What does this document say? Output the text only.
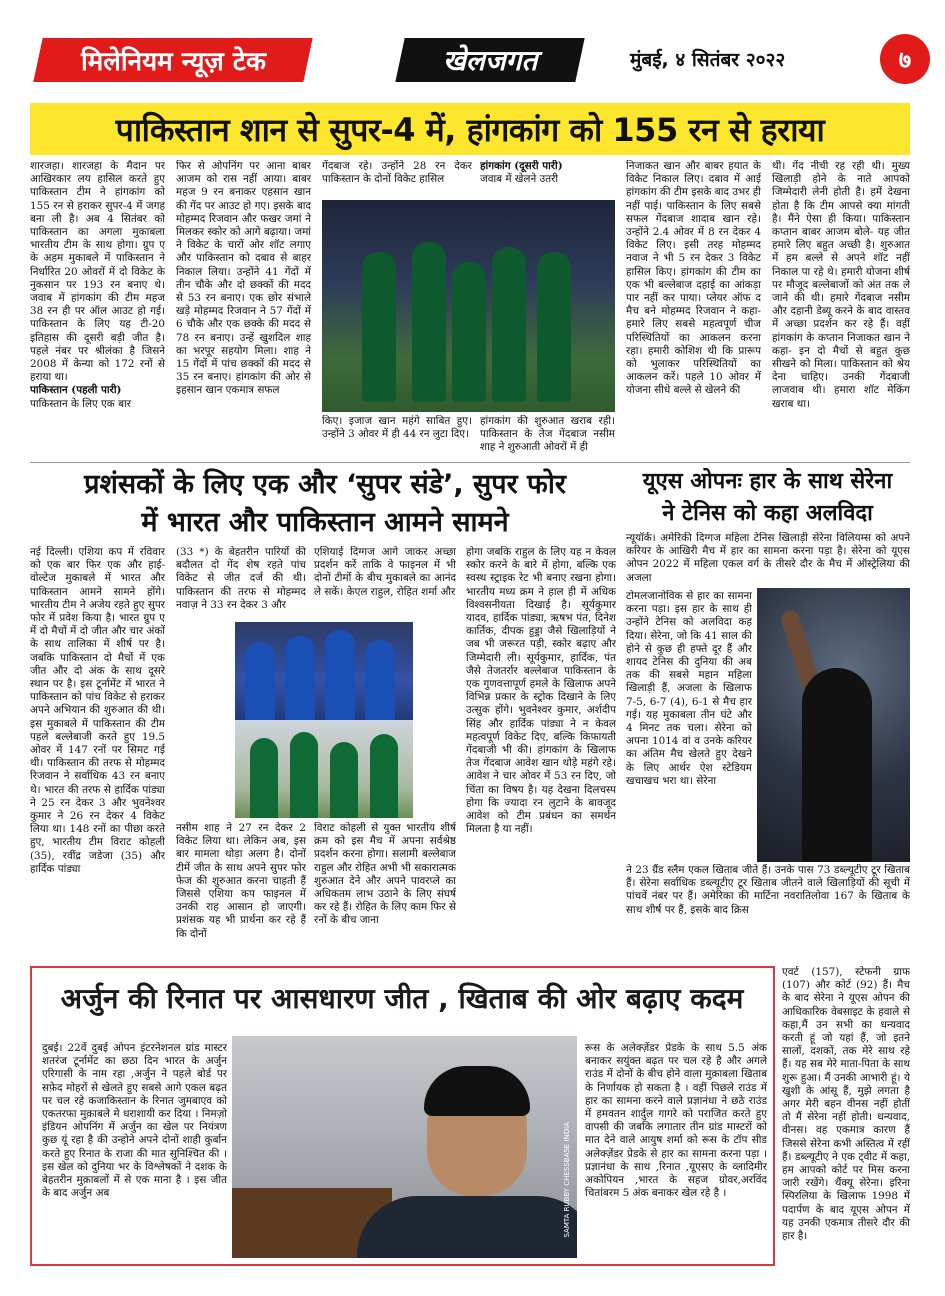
मिलेनियम न्यूज़ टेक	खेलजगत	मुंबई, ४ सितंबर २०२२	७
पाकिस्तान शान से सुपर-4 में, हांगकांग को 155 रन से हराया
शारजहा। शारजहा के मैदान पर आखिरकार लय हासिल करते हुए पाकिस्तान टीम ने हांगकांग को 155 रन से हराकर सुपर-4 में जगह बना ली है। अब 4 सितंबर को पाकिस्तान का अगला मुकाबला भारतीय टीम के साथ होगा। ग्रुप ए के अहम मुकाबले में पाकिस्तान ने निर्धारित 20 ओवरों में दो विकेट के नुकसान पर 193 रन बनाए थे। जवाब में हांगकांग की टीम महज 38 रन ही पर ऑल आउट हो गई। पाकिस्तान के लिए यह टी-20 इतिहास की दूसरी बड़ी जीत है। पहले नंबर पर श्रीलंका है जिसने 2008 में केन्या को 172 रनों से हराया था।
पाकिस्तान (पहली पारी)
पाकिस्तान के लिए एक बार
फिर से ओपनिंग पर आना बाबर आजम को रास नहीं आया। बाबर महज 9 रन बनाकर एहसान खान की गेंद पर आउट हो गए। इसके बाद मोहम्मद रिजवान और फखर जमां ने मिलकर स्कोर को आगे बढ़ाया। जमां ने विकेट के चारों ओर शॉट लगाए और पाकिस्तान को दबाव से बाहर निकाल लिया। उन्होंने 41 गेंदों में तीन चौके और दो छक्कों की मदद से 53 रन बनाए। एक छोर संभाले खड़े मोहम्मद रिजवान ने 57 गेंदों में 6 चौके और एक छक्के की मदद से 78 रन बनाए। उन्हें खुशदिल शाह का भरपूर सहयोग मिला। शाह ने 15 गेंदों में पांच छक्कों की मदद से 35 रन बनाए। हांगकांग की ओर से इहसान खान एकमात्र सफल
गेंदबाज रहे। उन्होंने 28 रन देकर पाकिस्तान के दोनों विकेट हासिल
हांगकांग (दूसरी पारी)
जवाब में खेलने उतरी
किए। इजाज खान महंगे साबित हुए। उन्होंने 3 ओवर में ही 44 रन लुटा दिए।
हांगकांग की शुरुआत खराब रही। पाकिस्तान के तेज गेंदबाज नसीम शाह ने शुरुआती ओवरों में ही
निजाकत खान और बाबर हयात के विकेट निकाल लिए। दबाव में आई हांगकांग की टीम इसके बाद उभर ही नहीं पाई। पाकिस्तान के लिए सबसे सफल गेंदबाज शादाब खान रहे। उन्होंने 2.4 ओवर में 8 रन देकर 4 विकेट लिए। इसी तरह मोहम्मद नवाज ने भी 5 रन देकर 3 विकेट हासिल किए। हांगकांग की टीम का एक भी बल्लेबाज दहाई का आंकड़ा पार नहीं कर पाया। प्लेयर ऑफ द मैच बने मोहम्मद रिजवान ने कहा- हमारे लिए सबसे महत्वपूर्ण चीज परिस्थितियों का आकलन करना रहा। हमारी कोशिश थी कि प्रारूप को भुलाकर परिस्थितियों का आकलन करें। पहले 10 ओवर में योजना सीधे बल्ले से खेलने की
थी। गेंद नीची रह रही थी। मुख्य खिलाड़ी होने के नाते आपको जिम्मेदारी लेनी होती है। हमें देखना होता है कि टीम आपसे क्या मांगती है। मैंने ऐसा ही किया। पाकिस्तान कप्तान बाबर आजम बोले- यह जीत हमारे लिए बहुत अच्छी है। शुरुआत में हम बल्ले से अपने शॉट नहीं निकाल पा रहे थे। हमारी योजना शीर्ष पर मौजूद बल्लेबाजों को अंत तक ले जाने की थी। हमारे गेंदबाज नसीम और दहानी डेब्यू करने के बाद वास्तव में अच्छा प्रदर्शन कर रहे हैं। वहीं हांगकांग के कप्तान निजाकत खान ने कहा- इन दो मैचों से बहुत कुछ सीखने को मिला। पाकिस्तान को श्रेय देना चाहिए। उनकी गेंदबाजी लाजवाब थी। हमारा शॉट मेकिंग खराब था।
प्रशंसकों के लिए एक और ‘सुपर संडे’, सुपर फोर
में भारत और पाकिस्तान आमने सामने
नई दिल्ली। एशिया कप में रविवार को एक बार फिर एक और हाई-वोल्टेज मुकाबले में भारत और पाकिस्तान आमने सामने होंगे। भारतीय टीम ने अजेय रहते हुए सुपर फोर में प्रवेश किया है। भारत ग्रुप ए में दो मैचों में दो जीत और चार अंकों के साथ तालिका में शीर्ष पर है। जबकि पाकिस्तान दो मैचों में एक जीत और दो अंक के साथ दूसरे स्थान पर है। इस टूर्नामेंट में भारत ने पाकिस्तान को पांच विकेट से हराकर अपने अभियान की शुरुआत की थी। इस मुकाबले में पाकिस्तान की टीम पहले बल्लेबाजी करते हुए 19.5 ओवर में 147 रनों पर सिमट गई थी। पाकिस्तान की तरफ से मोहम्मद रिजवान ने सर्वाधिक 43 रन बनाए थे। भारत की तरफ से हार्दिक पांड्या ने 25 रन देकर 3 और भुवनेश्वर कुमार ने 26 रन देकर 4 विकेट लिया था। 148 रनों का पीछा करते हुए, भारतीय टीम विराट कोहली (35), रवींद्र जडेजा (35) और हार्दिक पांड्या
(33 *) के बेहतरीन पारियों की बदौलत दो गेंद शेष रहते पांच विकेट से जीत दर्ज की थी। पाकिस्तान की तरफ से मोहम्मद नवाज़ ने 33 रन देकर 3 और
एशियाई दिग्गज आगे जाकर अच्छा प्रदर्शन करें ताकि वे फाइनल में भी दोनों टीमों के बीच मुकाबले का आनंद ले सकें। केएल राहुल, रोहित शर्मा और
नसीम शाह ने 27 रन देकर 2 विकेट लिया था। लेकिन अब, इस बार मामला थोड़ा अलग है। दोनों टीमें जीत के साथ अपने सुपर फोर फेज की शुरुआत करना चाहती हैं जिससे एशिया कप फाइनल में उनकी राह आसान हो जाएगी। प्रशंसक यह भी प्रार्थना कर रहे हैं कि दोनों
विराट कोहली से युक्त भारतीय शीर्ष क्रम को इस मैच में अपना सर्वश्रेष्ठ प्रदर्शन करना होगा। सलामी बल्लेबाज राहुल और रोहित अभी भी सकारात्मक शुरुआत देने और अपने पावरप्ले का अधिकतम लाभ उठाने के लिए संघर्ष कर रहे हैं। रोहित के लिए काम फिर से रनों के बीच जाना
होगा जबकि राहुल के लिए यह न केवल स्कोर करने के बारे में होगा, बल्कि एक स्वस्थ स्ट्राइक रेट भी बनाए रखना होगा। भारतीय मध्य क्रम ने हाल ही में अधिक विश्वसनीयता दिखाई है। सूर्यकुमार यादव, हार्दिक पांड्या, ऋषभ पंत, दिनेश कार्तिक, दीपक हुड्डा जैसे खिलाड़ियों ने जब भी जरूरत पड़ी, स्कोर बढ़ाए और जिम्मेदारी ली। सूर्यकुमार, हार्दिक, पंत जैसे तेजतर्रार बल्लेबाज पाकिस्तान के एक गुणवत्तापूर्ण हमले के खिलाफ अपने विभिन्न प्रकार के स्ट्रोक दिखाने के लिए उत्सुक होंगे। भुवनेश्वर कुमार, अर्शदीप सिंह और हार्दिक पांड्या ने न केवल महत्वपूर्ण विकेट दिए, बल्कि किफायती गेंदबाजी भी की। हांगकांग के खिलाफ तेज गेंदबाज आवेश खान थोड़े महंगे रहे। आवेश ने चार ओवर में 53 रन दिए, जो चिंता का विषय है। यह देखना दिलचस्प होगा कि ज्यादा रन लुटाने के बावजूद आवेश को टीम प्रबंधन का समर्थन मिलता है या नहीं।
यूएस ओपनः हार के साथ सेरेना
ने टेनिस को कहा अलविदा
न्यूयॉर्क। अमेरिकी दिग्गज महिला टेनिस खिलाड़ी सेरेना विलियम्स को अपने करियर के आखिरी मैच में हार का सामना करना पड़ा है। सेरेना को यूएस ओपन 2022 में महिला एकल वर्ग के तीसरे दौर के मैच में ऑस्ट्रेलिया की अजला
टोमलजानोविक से हार का सामना करना पड़ा। इस हार के साथ ही उन्होंने टेनिस को अलविदा कह दिया। सेरेना, जो कि 41 साल की होने से कुछ ही हफ्ते दूर हैं और शायद टेनिस की दुनिया की अब तक की सबसे महान महिला खिलाड़ी हैं, अजला के खिलाफ 7-5, 6-7 (4), 6-1 से मैच हार गई। यह मुकाबला तीन घंटे और 4 मिनट तक चला। सेरेना को अपना 1014 वां व उनके करियर का अंतिम मैच खेलते हुए देखने के लिए आर्थर ऐश स्टेडियम खचाखच भरा था। सेरेना
ने 23 ग्रैंड स्लैम एकल खिताब जीते हैं। उनके पास 73 डब्ल्यूटीए टूर खिताब हैं। सेरेना सर्वाधिक डब्ल्यूटीए टूर खिताब जीतने वाले खिलाड़ियों की सूची में पांचवें नंबर पर हैं। अमेरिका की मार्टिना नवरातिलोवा 167 के खिताब के साथ शीर्ष पर हैं, इसके बाद क्रिस
एवर्ट (157), स्टेफनी ग्राफ (107) और कोर्ट (92) हैं। मैच के बाद सेरेना ने यूएस ओपन की आधिकारिक वेबसाइट के हवाले से कहा,मैं उन सभी का धन्यवाद करती हूं जो यहां हैं, जो इतने सालों, दशकों, तक मेरे साथ रहे हैं। यह सब मेरे माता-पिता के साथ शुरू हुआ। मैं उनकी आभारी हूं। ये खुशी के आंसू हैं, मुझे लगता है अगर मेरी बहन वीनस नहीं होतीं तो मैं सेरेना नहीं होती। धन्यवाद, वीनस। वह एकमात्र कारण हैं जिससे सेरेना कभी अस्तित्व में रहीं हैं। डब्ल्यूटीए ने एक ट्वीट में कहा, हम आपको कोर्ट पर मिस करना जारी रखेंगे। थैंक्यू सेरेना। इरिना स्पिरलिया के खिलाफ 1998 में पदार्पण के बाद यूएस ओपन में यह उनकी एकमात्र तीसरे दौर की हार है।
अर्जुन की रिनात पर आसधारण जीत , खिताब की ओर बढ़ाए कदम
दुबई। 22वें दुबई ओपन इंटरनेशनल ग्रांड मास्टर शतरंज टूर्नामेंट का छठा दिन भारत के अर्जुन एरिगासी के नाम रहा ,अर्जुन ने पहले बोर्ड पर सफ़ेद मोहरों से खेलते हुए सबसे आगे एकल बढ़त पर चल रहे कजाकिस्तान के रिनात जुमबाएव को एकतरफा मुक़ाबले मे धराशायी कर दिया । निमज़ो इंडियन ओपनिंग में अर्जुन का खेल पर नियंत्रण कुछ यूं रहा है की उन्होने अपने दोनों शाही कुर्बान करते हुए रिनात के राजा की मात सुनिश्चित की । इस खेल को दुनिया भर के विश्लेषकों ने दशक के बेहतरीन मुक़ाबलों में से एक माना है । इस जीत के बाद अर्जुन अब	SAMTA RUBBY CHESSBASE INDIA
रूस के अलेक्ज़ेंडर प्रेडके के साथ 5.5 अंक बनाकर सयुंक्त बढ़त पर चल रहे है और अगले राउंड में दोनों के बीच होने वाला मुक़ाबला खिताब के निर्णायक हो सकता है । वहीं पिछले राउंड में हार का सामना करने वाले प्रज्ञानंधा ने छठे राउंड में हमवतन शार्दुल गागरे को पराजित करते हुए वापसी की जबकि लगातार तीन ग्रांड मास्टरों को मात देने वाले आयुष शर्मा को रूस के टॉप सीड अलेक्ज़ेंडर प्रेडके से हार का सामना करना पड़ा । प्रज्ञानंधा के साथ ,रिनात ,यूएसए के व्लादिमीर अकोपियन ,भारत के सहज ग्रोवर,अरविंद चितांबरम 5 अंक बनाकर खेल रहे है ।
